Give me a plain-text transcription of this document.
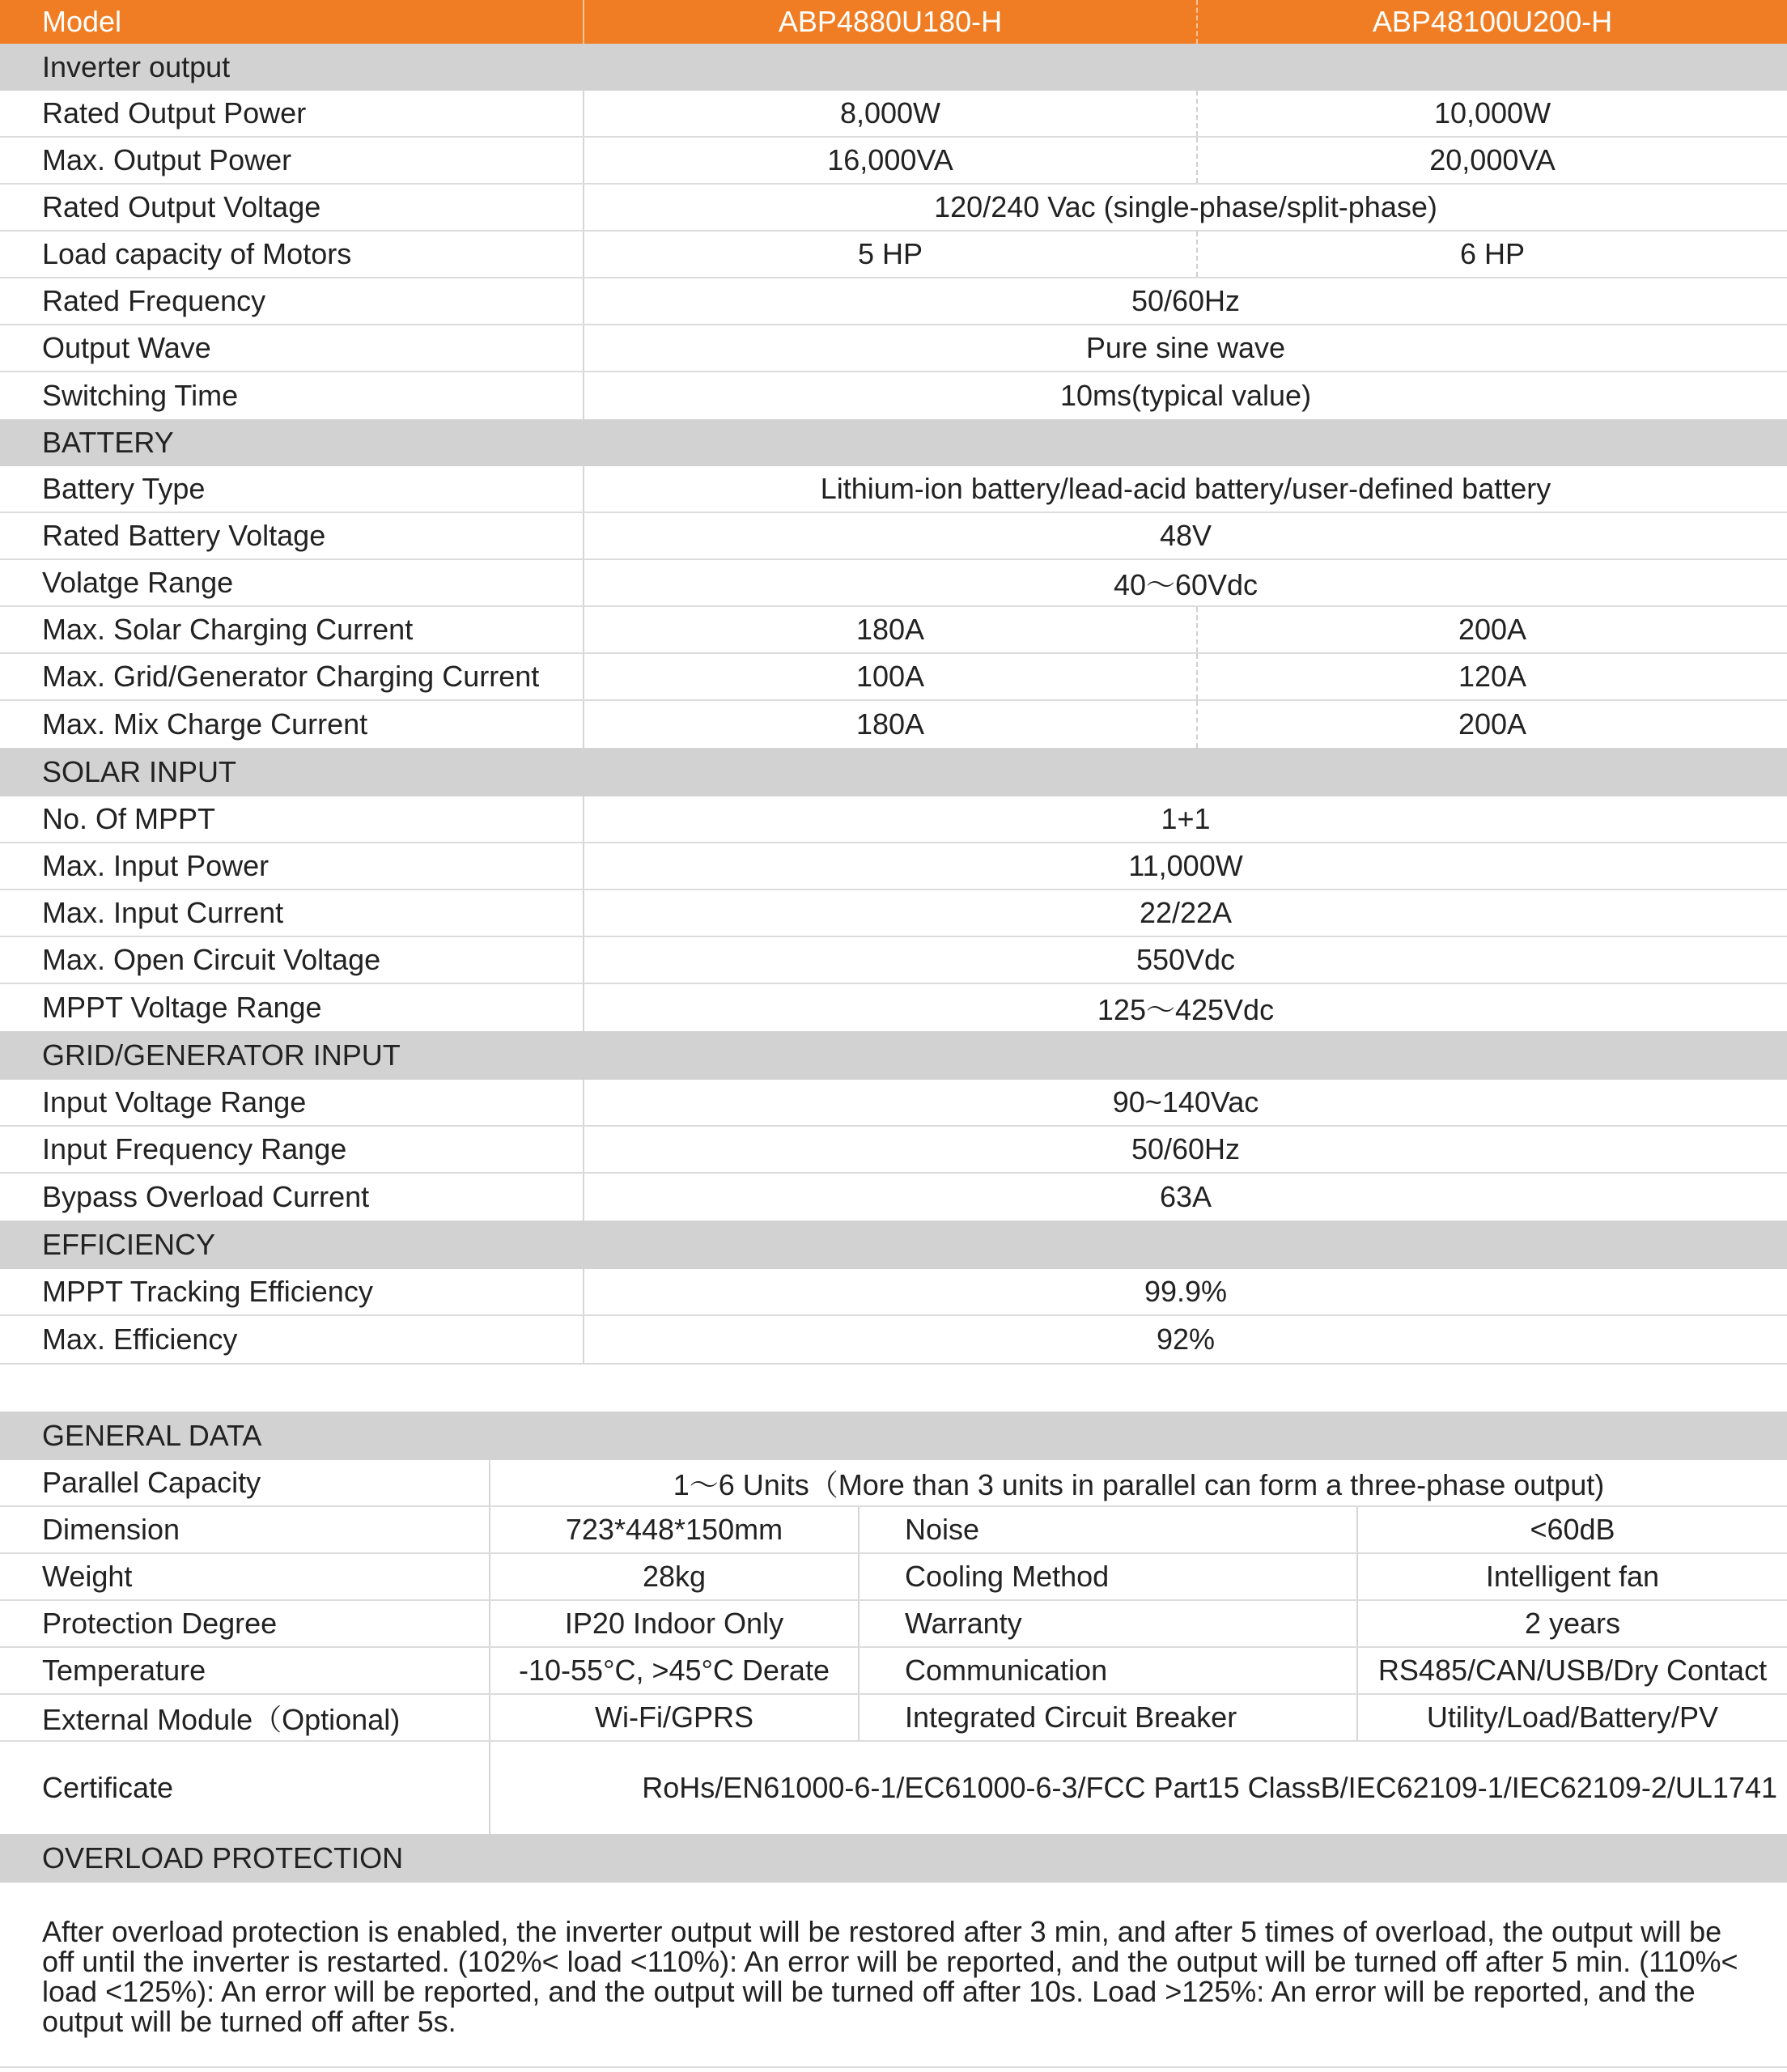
Model	ABP4880U180-H	ABP48100U200-H
Inverter output
Rated Output Power	8,000W	10,000W
Max. Output Power	16,000VA	20,000VA
Rated Output Voltage	120/240 Vac (single-phase/split-phase)
Load capacity of Motors	5 HP	6 HP
Rated Frequency	50/60Hz
Output Wave	Pure sine wave
Switching Time	10ms(typical value)
BATTERY
Battery Type	Lithium-ion battery/lead-acid battery/user-defined battery
Rated Battery Voltage	48V
Volatge Range	40～60Vdc
Max. Solar Charging Current	180A	200A
Max. Grid/Generator Charging Current	100A	120A
Max. Mix Charge Current	180A	200A
SOLAR INPUT
No. Of MPPT	1+1
Max. Input Power	11,000W
Max. Input Current	22/22A
Max. Open Circuit Voltage	550Vdc
MPPT Voltage Range	125～425Vdc
GRID/GENERATOR INPUT
Input Voltage Range	90~140Vac
Input Frequency Range	50/60Hz
Bypass Overload Current	63A
EFFICIENCY
MPPT Tracking Efficiency	99.9%
Max. Efficiency	92%
GENERAL DATA
Parallel Capacity	1～6 Units（More than 3 units in parallel can form a three-phase output)
Dimension	723*448*150mm	Noise	<60dB
Weight	28kg	Cooling Method	Intelligent fan
Protection Degree	IP20 Indoor Only	Warranty	2 years
Temperature	-10-55°C, >45°C Derate	Communication	RS485/CAN/USB/Dry Contact
External Module（Optional)	Wi-Fi/GPRS	Integrated Circuit Breaker	Utility/Load/Battery/PV
Certificate	RoHs/EN61000-6-1/EC61000-6-3/FCC Part15 ClassB/IEC62109-1/IEC62109-2/UL1741
OVERLOAD PROTECTION
After overload protection is enabled, the inverter output will be restored after 3 min, and after 5 times of overload, the output will be off until the inverter is restarted. (102%< load <110%): An error will be reported, and the output will be turned off after 5 min. (110%< load <125%): An error will be reported, and the output will be turned off after 10s. Load >125%: An error will be reported, and the output will be turned off after 5s.
